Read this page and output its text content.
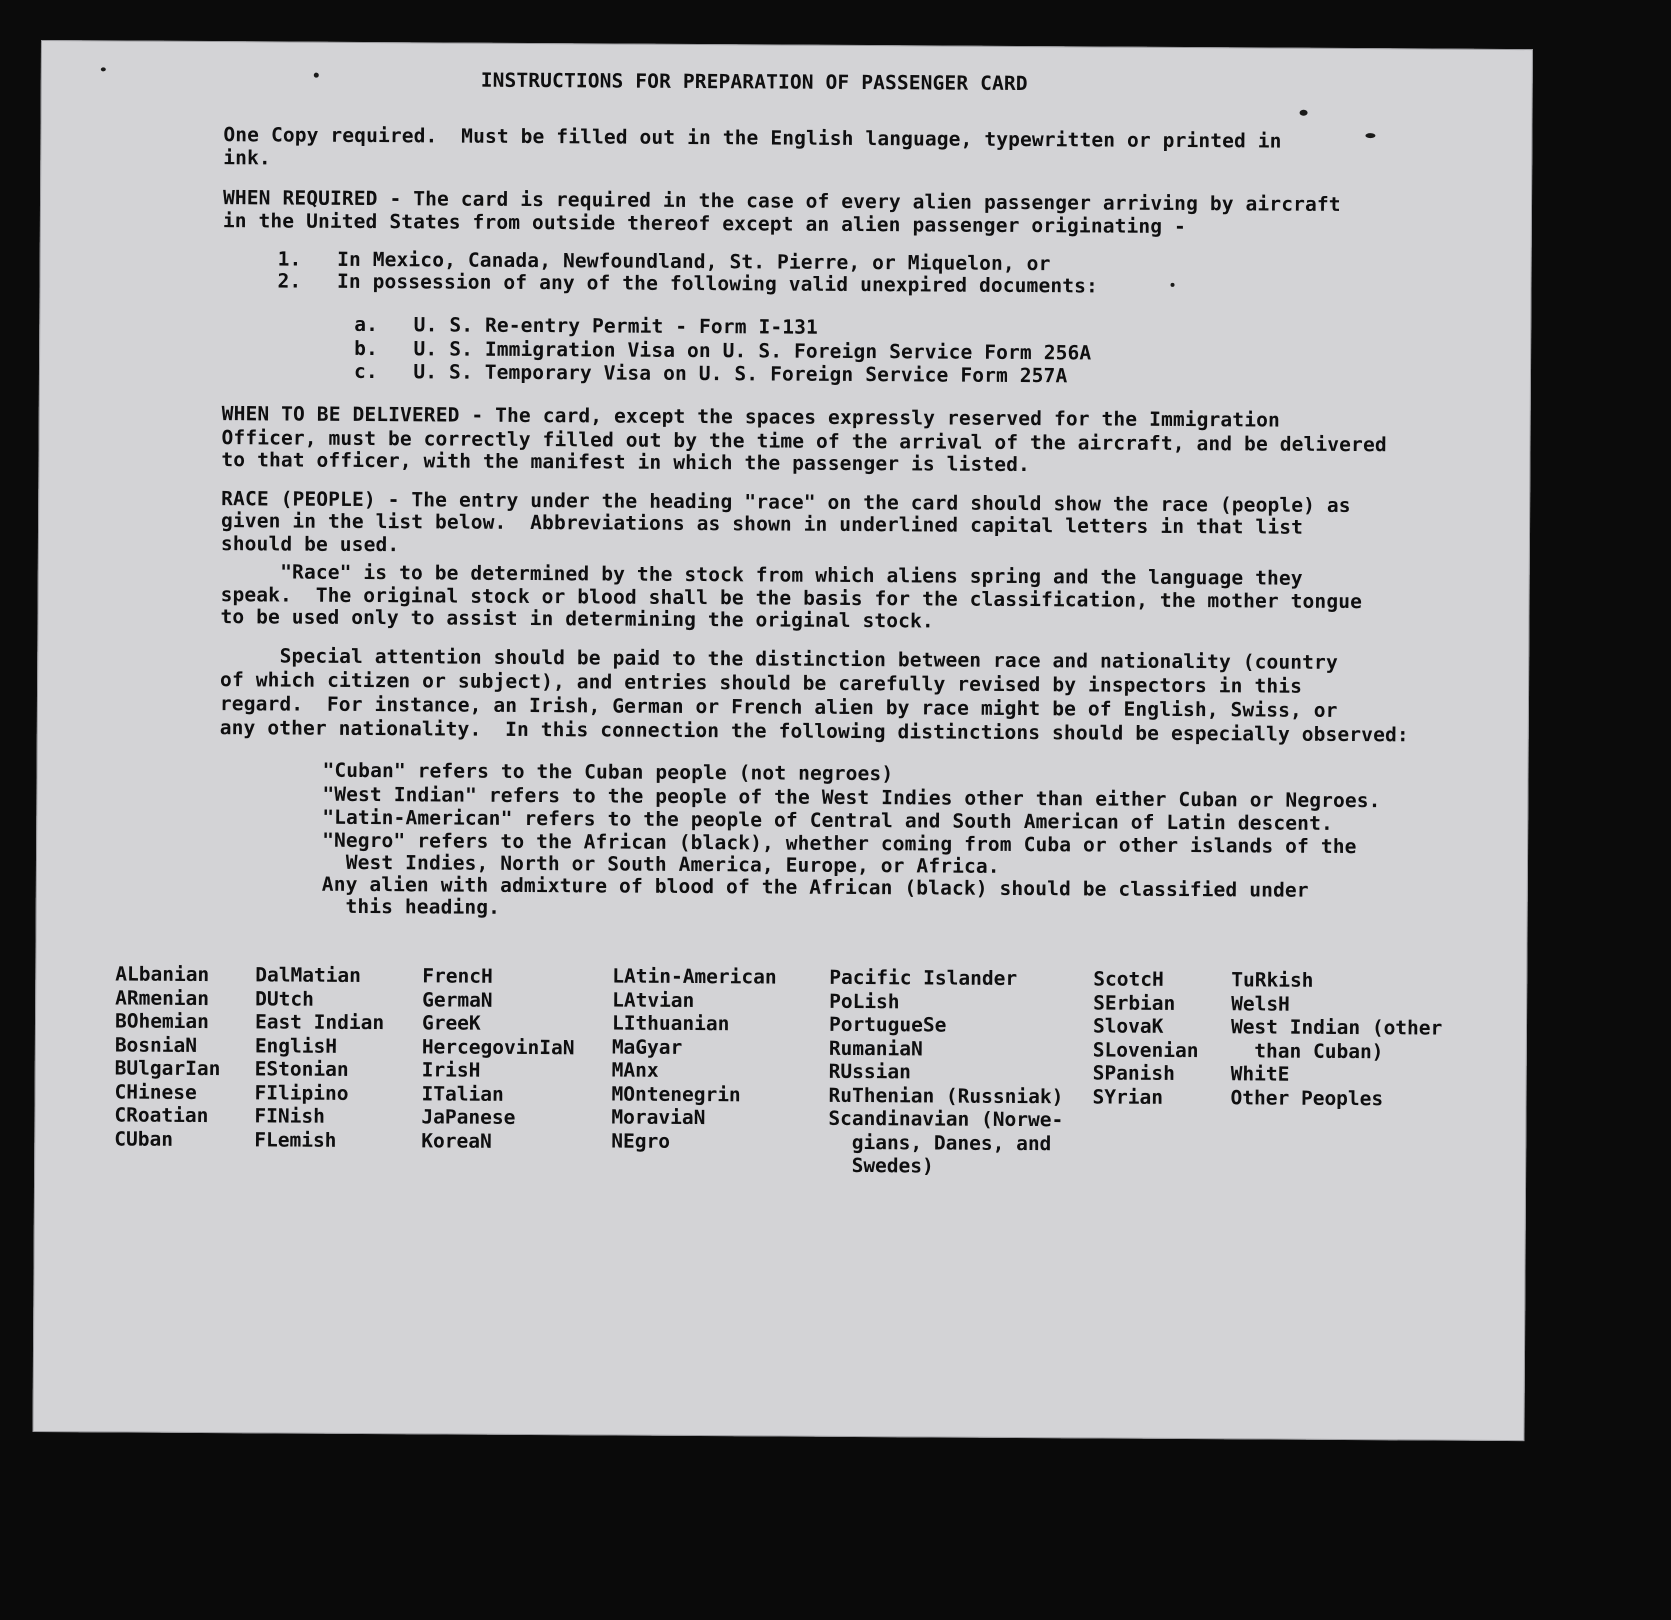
INSTRUCTIONS FOR PREPARATION OF PASSENGER CARD
One Copy required.  Must be filled out in the English language, typewritten or printed in
ink.
WHEN REQUIRED - The card is required in the case of every alien passenger arriving by aircraft
in the United States from outside thereof except an alien passenger originating -
1.   In Mexico, Canada, Newfoundland, St. Pierre, or Miquelon, or
2.   In possession of any of the following valid unexpired documents:
a.   U. S. Re-entry Permit - Form I-131
b.   U. S. Immigration Visa on U. S. Foreign Service Form 256A
c.   U. S. Temporary Visa on U. S. Foreign Service Form 257A
WHEN TO BE DELIVERED - The card, except the spaces expressly reserved for the Immigration
Officer, must be correctly filled out by the time of the arrival of the aircraft, and be delivered
to that officer, with the manifest in which the passenger is listed.
RACE (PEOPLE) - The entry under the heading "race" on the card should show the race (people) as
given in the list below.  Abbreviations as shown in underlined capital letters in that list
should be used.
"Race" is to be determined by the stock from which aliens spring and the language they
speak.  The original stock or blood shall be the basis for the classification, the mother tongue
to be used only to assist in determining the original stock.
Special attention should be paid to the distinction between race and nationality (country
of which citizen or subject), and entries should be carefully revised by inspectors in this
regard.  For instance, an Irish, German or French alien by race might be of English, Swiss, or
any other nationality.  In this connection the following distinctions should be especially observed:
"Cuban" refers to the Cuban people (not negroes)
"West Indian" refers to the people of the West Indies other than either Cuban or Negroes.
"Latin-American" refers to the people of Central and South American of Latin descent.
"Negro" refers to the African (black), whether coming from Cuba or other islands of the
West Indies, North or South America, Europe, or Africa.
Any alien with admixture of blood of the African (black) should be classified under
this heading.
ALbanian
ARmenian
BOhemian
BosniaN
BUlgarIan
CHinese
CRoatian
CUban
DalMatian
DUtch
East Indian
EnglisH
EStonian
FIlipino
FINish
FLemish
FrencH
GermaN
GreeK
HercegovinIaN
IrisH
ITalian
JaPanese
KoreaN
LAtin-American
LAtvian
LIthuanian
MaGyar
MAnx
MOntenegrin
MoraviaN
NEgro
Pacific Islander
PoLish
PortugueSe
RumaniaN
RUssian
RuThenian (Russniak)
Scandinavian (Norwe-
gians, Danes, and
Swedes)
ScotcH
SErbian
SlovaK
SLovenian
SPanish
SYrian
TuRkish
WelsH
West Indian (other
than Cuban)
WhitE
Other Peoples
